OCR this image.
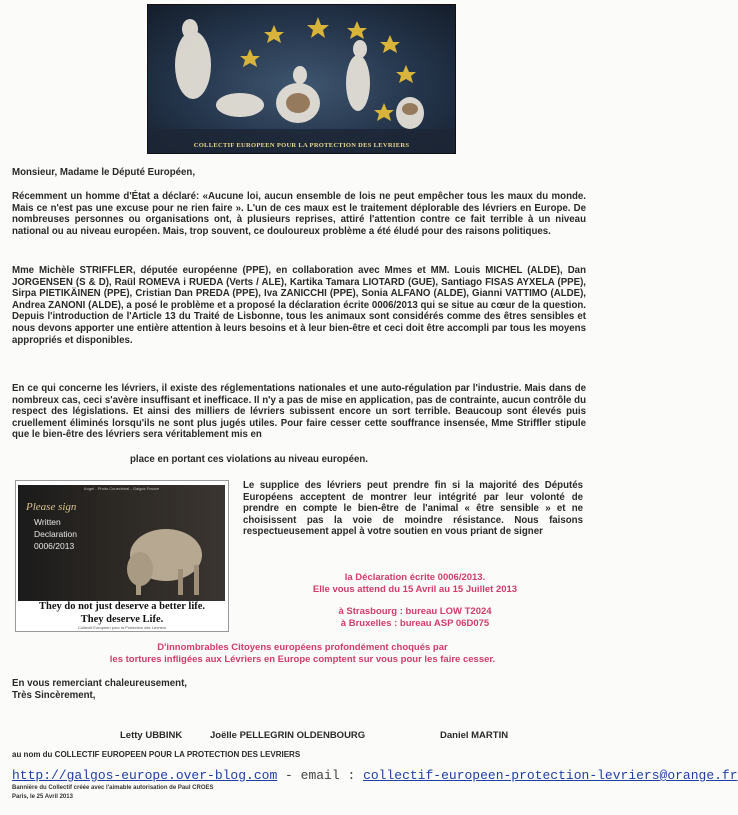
COLLECTIF EUROPEEN POUR LA PROTECTION DES LEVRIERS

Monsieur, Madame le Député Européen,

Récemment un homme d'État a déclaré: «Aucune loi, aucun ensemble de lois ne peut empêcher tous les maux du monde. Mais ce n'est pas une excuse pour ne rien faire ». L'un de ces maux est le traitement déplorable des lévriers en Europe. De nombreuses personnes ou organisations ont, à plusieurs reprises, attiré l'attention contre ce fait terrible à un niveau national ou au niveau européen. Mais, trop souvent, ce douloureux problème a été éludé pour des raisons politiques.

Mme Michèle STRIFFLER, députée européenne (PPE), en collaboration avec Mmes et MM. Louis MICHEL (ALDE), Dan JORGENSEN (S & D), Raül ROMEVA i RUEDA (Verts / ALE), Kartika Tamara LIOTARD (GUE), Santiago FISAS AYXELA (PPE), Sirpa PIETIKÄINEN (PPE), Cristian Dan PREDA (PPE), Iva ZANICCHI (PPE), Sonia ALFANO (ALDE), Gianni VATTIMO (ALDE), Andrea ZANONI (ALDE), a posé le problème et a proposé la déclaration écrite 0006/2013 qui se situe au cœur de la question. Depuis l'introduction de l'Article 13 du Traité de Lisbonne, tous les animaux sont considérés comme des êtres sensibles et nous devons apporter une entière attention à leurs besoins et à leur bien-être et ceci doit être accompli par tous les moyens appropriés et disponibles.

En ce qui concerne les lévriers, il existe des réglementations nationales et une auto-régulation par l'industrie. Mais dans de nombreux cas, ceci s'avère insuffisant et inefficace. Il n'y a pas de mise en application, pas de contrainte, aucun contrôle du respect des législations. Et ainsi des milliers de lévriers subissent encore un sort terrible. Beaucoup sont élevés puis cruellement éliminés lorsqu'ils ne sont plus jugés utiles. Pour faire cesser cette souffrance insensée, Mme Striffler stipule que le bien-être des lévriers sera véritablement mis en

place en portant ces violations au niveau européen.

Angel - Photo Couechinal - Galgos France
Please sign
Written
Declaration
0006/2013
They do not just deserve a better life.
They deserve Life.
Collectif Européen pour la Protection des Lévriers

Le supplice des lévriers peut prendre fin si la majorité des Députés Européens acceptent de montrer leur intégrité par leur volonté de prendre en compte le bien-être de l'animal « être sensible » et ne choisissent pas la voie de moindre résistance. Nous faisons respectueusement appel à votre soutien en vous priant de signer

la Déclaration écrite 0006/2013.
Elle vous attend du 15 Avril au 15 Juillet 2013
à Strasbourg : bureau LOW T2024
à Bruxelles : bureau ASP 06D075
D'innombrables Citoyens européens profondément choqués par
les tortures infligées aux Lévriers en Europe comptent sur vous pour les faire cesser.

En vous remerciant chaleureusement,

Très Sincèrement,

Letty UBBINK	Joëlle PELLEGRIN OLDENBOURG	Daniel MARTIN
au nom du COLLECTIF EUROPEEN POUR LA PROTECTION DES LEVRIERS
http://galgos-europe.over-blog.com - email : collectif-europeen-protection-levriers@orange.fr
Bannière du Collectif créée avec l'aimable autorisation de Paul CROES
Paris, le 25 Avril 2013
